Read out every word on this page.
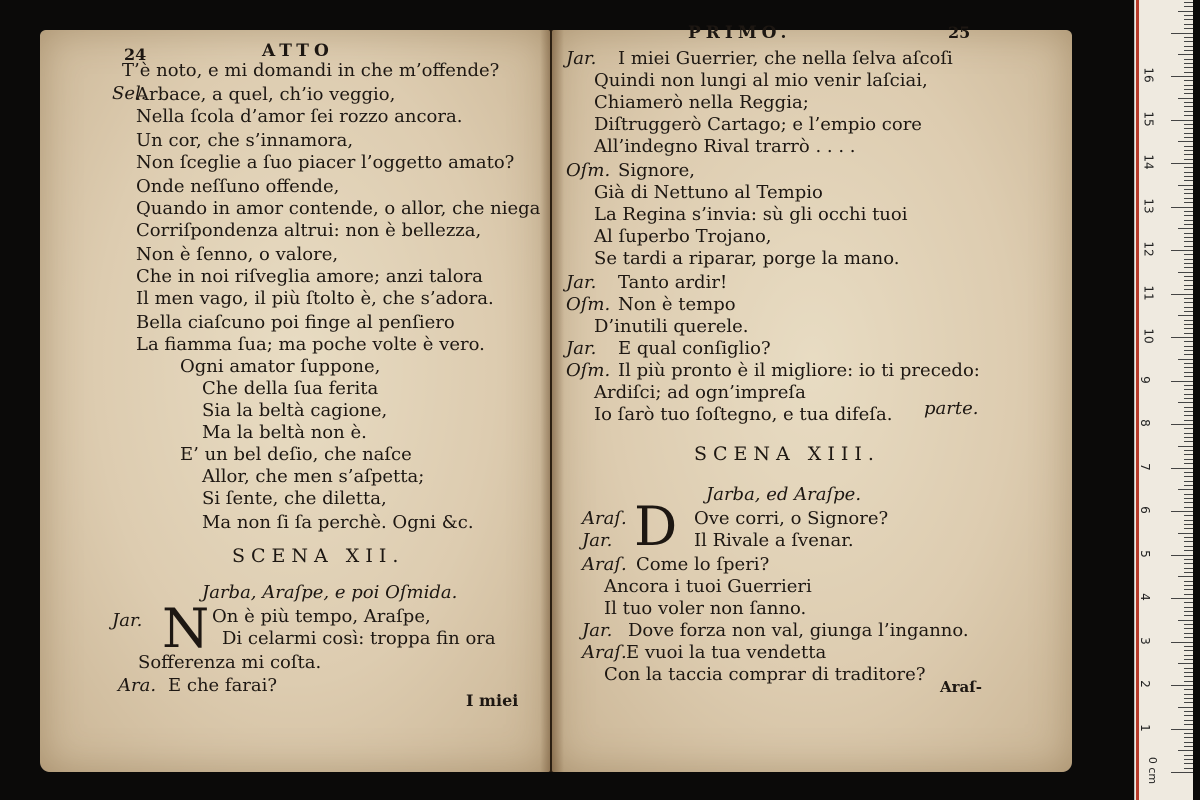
24	ATTO
T’è noto, e mi domandi in che m’offende?
Arbace, a quel, ch’io veggio,
Nella ſcola d’amor ſei rozzo ancora.
Un cor, che s’innamora,
Non ſceglie a ſuo piacer l’oggetto amato?
Onde neſſuno offende,
Quando in amor contende, o allor, che niega
Corriſpondenza altrui: non è bellezza,
Non è ſenno, o valore,
Che in noi riſveglia amore; anzi talora
Il men vago, il più ſtolto è, che s’adora.
Bella ciaſcuno poi finge al penſiero
La fiamma ſua; ma poche volte è vero.
Ogni amator ſuppone,
Che della ſua ferita
Sia la beltà cagione,
Ma la beltà non è.
E’ un bel deſio, che naſce
Allor, che men s’aſpetta;
Si ſente, che diletta,
Ma non ſi ſa perchè. Ogni &c.
Sel.
SCENA XII.
Jarba, Araſpe, e poi Oſmida.
Jar. N On è più tempo, Araſpe,
Di celarmi così: troppa fin ora
Sofferenza mi coſta.
Ara. E che farai?
I miei
PRIMO.	25
Jar. I miei Guerrier, che nella ſelva aſcoſi
Quindi non lungi al mio venir laſciai,
Chiamerò nella Reggia;
Diſtruggerò Cartago; e l’empio core
All’indegno Rival trarrò . . . .
Oſm. Signore,
Già di Nettuno al Tempio
La Regina s’invia: sù gli occhi tuoi
Al ſuperbo Trojano,
Se tardi a riparar, porge la mano.
Jar. Tanto ardir!
Oſm. Non è tempo
D’inutili querele.
Jar. E qual conſiglio?
Oſm. Il più pronto è il migliore: io ti precedo:
Ardiſci; ad ogn’impreſa
Io ſarò tuo ſoſtegno, e tua difeſa. parte.
SCENA XIII.
Jarba, ed Araſpe.
D
Araſ.	Ove corri, o Signore?
Jar.	Il Rivale a ſvenar.
Araſ. Come lo ſperi?
Ancora i tuoi Guerrieri
Il tuo voler non ſanno.
Jar. Dove forza non val, giunga l’inganno.
Araſ. E vuoi la tua vendetta
Con la taccia comprar di traditore?
Araſ-
0 cm
1
2
3
4
5
6
7
8
9
10
11
12
13
14
15
16
